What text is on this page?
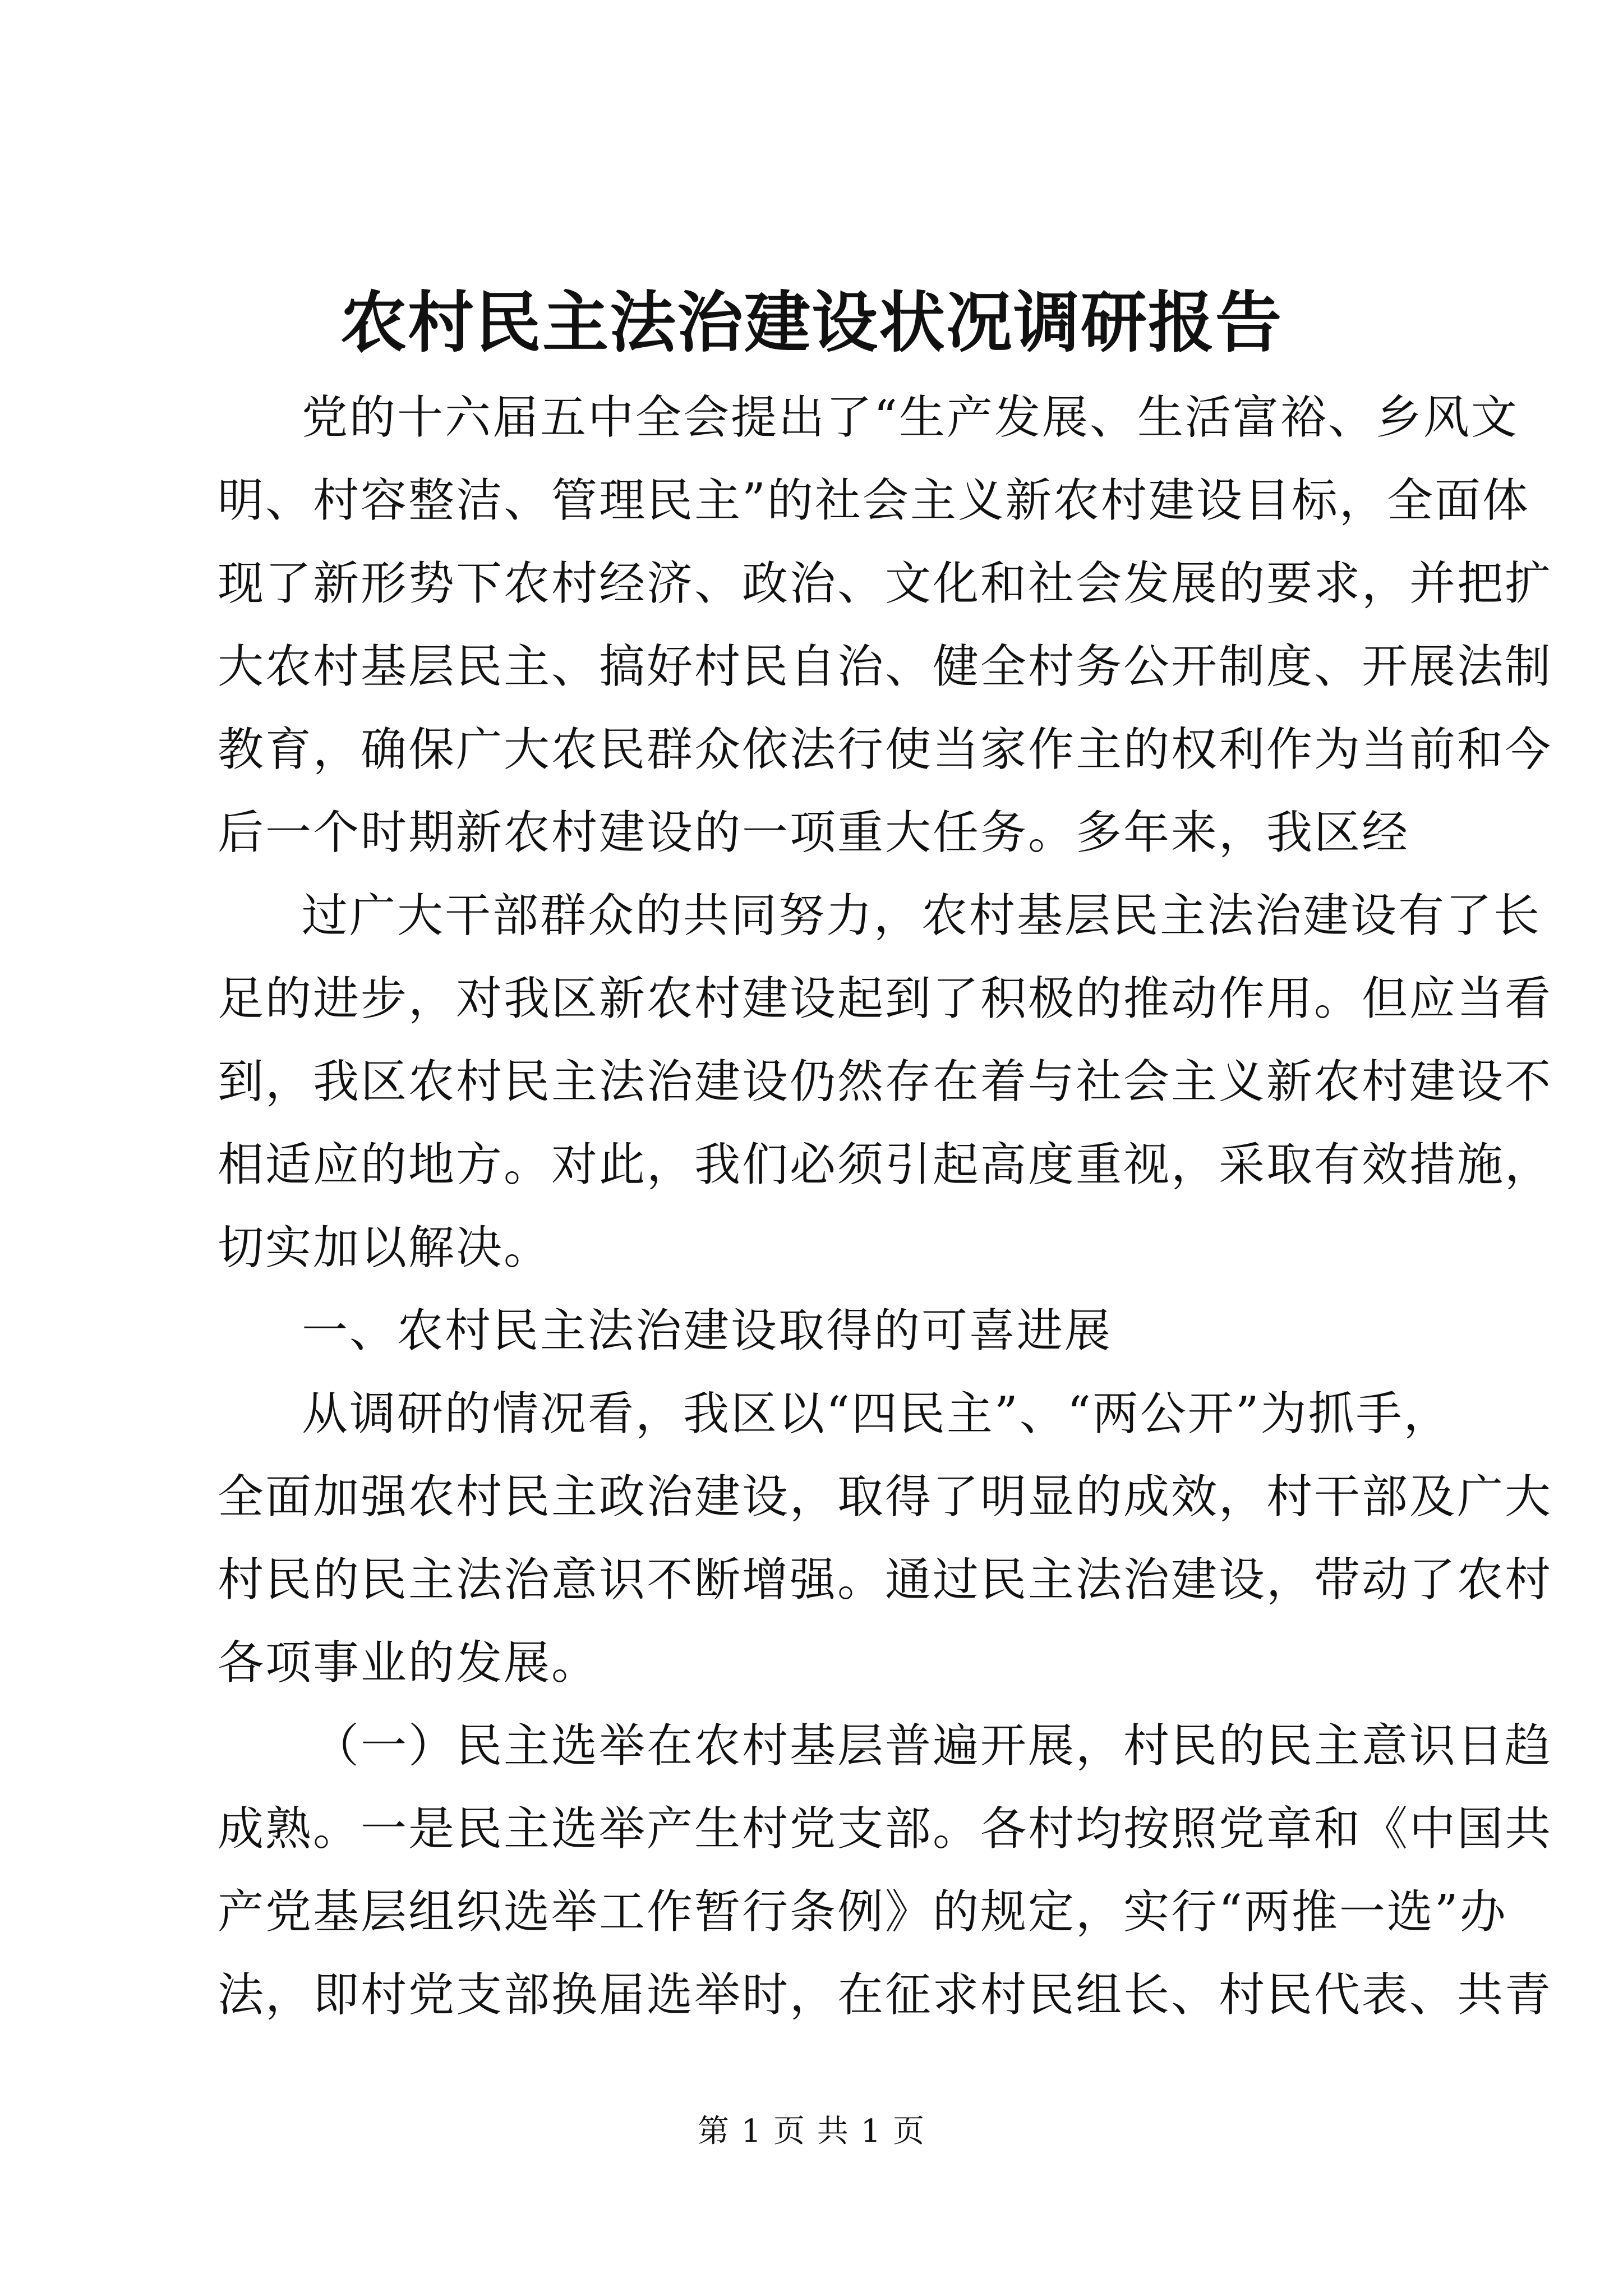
农村民主法治建设状况调研报告
党的十六届五中全会提出了“生产发展、生活富裕、乡风文
明、村容整洁、管理民主”的社会主义新农村建设目标，全面体
现了新形势下农村经济、政治、文化和社会发展的要求，并把扩
大农村基层民主、搞好村民自治、健全村务公开制度、开展法制
教育，确保广大农民群众依法行使当家作主的权利作为当前和今
后一个时期新农村建设的一项重大任务。多年来，我区经
过广大干部群众的共同努力，农村基层民主法治建设有了长
足的进步，对我区新农村建设起到了积极的推动作用。但应当看
到，我区农村民主法治建设仍然存在着与社会主义新农村建设不
相适应的地方。对此，我们必须引起高度重视，采取有效措施，
切实加以解决。
一、农村民主法治建设取得的可喜进展
从调研的情况看，我区以“四民主”、“两公开”为抓手，
全面加强农村民主政治建设，取得了明显的成效，村干部及广大
村民的民主法治意识不断增强。通过民主法治建设，带动了农村
各项事业的发展。
（一）民主选举在农村基层普遍开展，村民的民主意识日趋
成熟。一是民主选举产生村党支部。各村均按照党章和《中国共
产党基层组织选举工作暂行条例》的规定，实行“两推一选”办
法，即村党支部换届选举时，在征求村民组长、村民代表、共青
第 1 页 共 1 页
